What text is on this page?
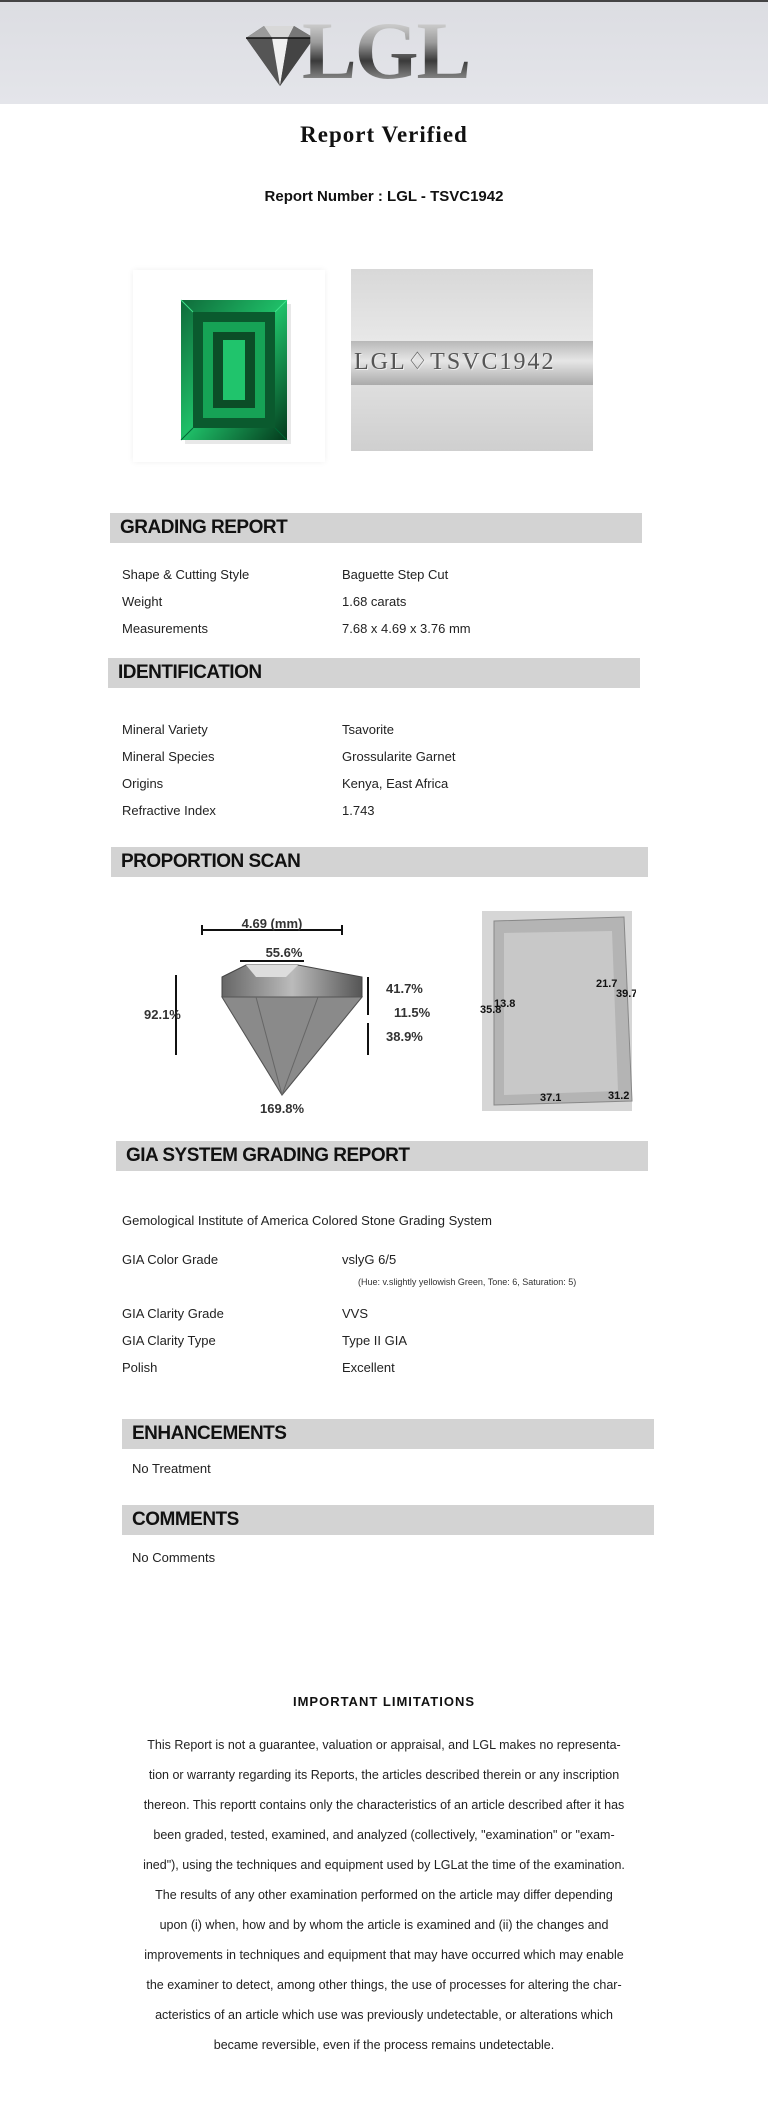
LGL
Report Verified
Report Number : LGL - TSVC1942
LGL♢TSVC1942
GRADING REPORT
Shape & Cutting Style	Baguette Step Cut
Weight	1.68 carats
Measurements	7.68 x 4.69 x 3.76 mm
IDENTIFICATION
Mineral Variety	Tsavorite
Mineral Species	Grossularite Garnet
Origins	Kenya, East Africa
Refractive Index	1.743
PROPORTION SCAN
4.69 (mm)
55.6%
92.1%
41.7%
11.5%
38.9%
169.8%
21.7
39.7
35.8
13.8
37.1	31.2
GIA SYSTEM GRADING REPORT
Gemological Institute of America Colored Stone Grading System
GIA Color Grade	vslyG 6/5
(Hue: v.slightly yellowish Green, Tone: 6, Saturation: 5)
GIA Clarity Grade	VVS
GIA Clarity Type	Type II GIA
Polish	Excellent
ENHANCEMENTS
No Treatment
COMMENTS
No Comments
IMPORTANT LIMITATIONS
This Report is not a guarantee, valuation or appraisal, and LGL makes no representa-
tion or warranty regarding its Reports, the articles described therein or any inscription
thereon. This reportt contains only the characteristics of an article described after it has
been graded, tested, examined, and analyzed (collectively, "examination" or "exam-
ined"), using the techniques and equipment used by LGLat the time of the examination.
The results of any other examination performed on the article may differ depending
upon (i) when, how and by whom the article is examined and (ii) the changes and
improvements in techniques and equipment that may have occurred which may enable
the examiner to detect, among other things, the use of processes for altering the char-
acteristics of an article which use was previously undetectable, or alterations which
became reversible, even if the process remains undetectable.
